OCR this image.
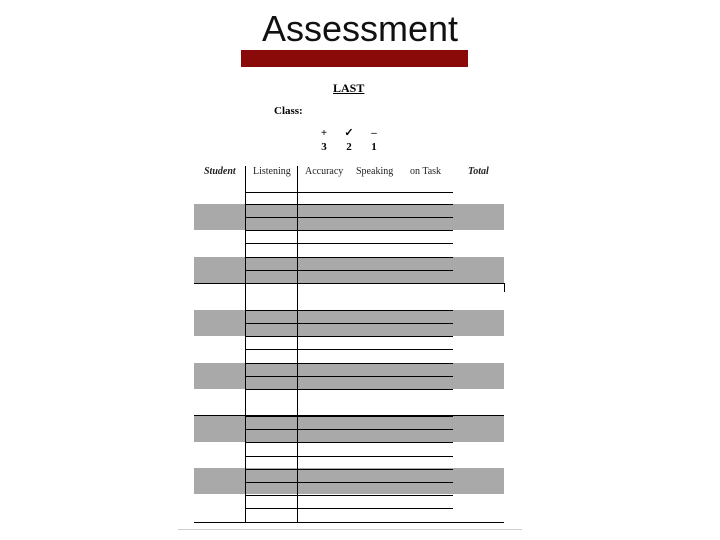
Assessment
LAST
Class:
+
3
✓
2
–
1
Student Listening Accuracy Speaking on Task	Total
